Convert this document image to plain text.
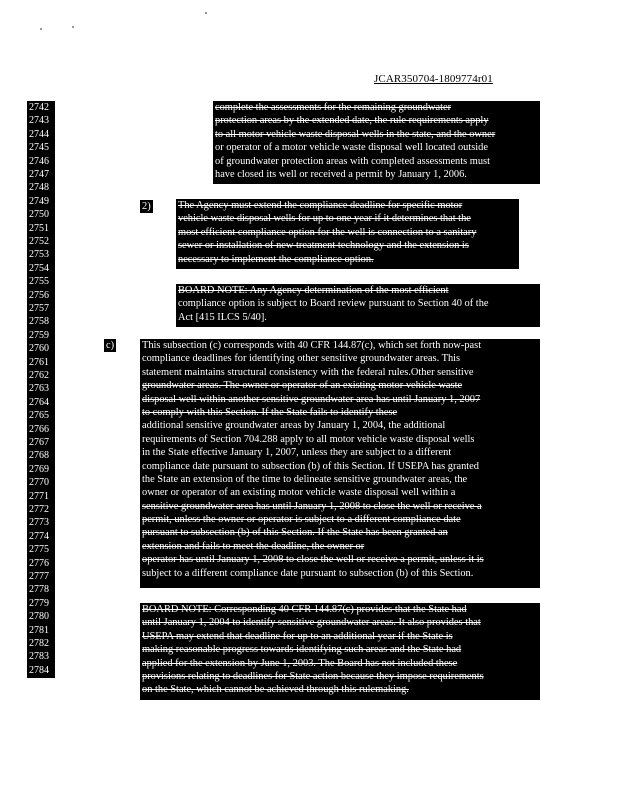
JCAR350704-1809774r01
2742
2743
2744
2745
2746
2747
2748
2749
2750
2751
2752
2753
2754
2755
2756
2757
2758
2759
2760
2761
2762
2763
2764
2765
2766
2767
2768
2769
2770
2771
2772
2773
2774
2775
2776
2777
2778
2779
2780
2781
2782
2783
2784
2)
c)
complete the assessments for the remaining groundwater
protection areas by the extended date, the rule requirements apply
to all motor vehicle waste disposal wells in the state, and the owner
or operator of a motor vehicle waste disposal well located outside
of groundwater protection areas with completed assessments must
have closed its well or received a permit by January 1, 2006.
The Agency must extend the compliance deadline for specific motor
vehicle waste disposal wells for up to one year if it determines that the
most efficient compliance option for the well is connection to a sanitary
sewer or installation of new treatment technology and the extension is
necessary to implement the compliance option.
BOARD NOTE: Any Agency determination of the most efficient
compliance option is subject to Board review pursuant to Section 40 of the
Act [415 ILCS 5/40].
This subsection (c) corresponds with 40 CFR 144.87(c), which set forth now-past
compliance deadlines for identifying other sensitive groundwater areas. This
statement maintains structural consistency with the federal rules.Other sensitive
groundwater areas. The owner or operator of an existing motor vehicle waste
disposal well within another sensitive groundwater area has until January 1, 2007
to comply with this Section. If the State fails to identify these
additional sensitive groundwater areas by January 1, 2004, the additional
requirements of Section 704.288 apply to all motor vehicle waste disposal wells
in the State effective January 1, 2007, unless they are subject to a different
compliance date pursuant to subsection (b) of this Section. If USEPA has granted
the State an extension of the time to delineate sensitive groundwater areas, the
owner or operator of an existing motor vehicle waste disposal well within a
sensitive groundwater area has until January 1, 2008 to close the well or receive a
permit, unless the owner or operator is subject to a different compliance date
pursuant to subsection (b) of this Section. If the State has been granted an
extension and fails to meet the deadline, the owner or
operator has until January 1, 2008 to close the well or receive a permit, unless it is
subject to a different compliance date pursuant to subsection (b) of this Section.
BOARD NOTE: Corresponding 40 CFR 144.87(c) provides that the State had
until January 1, 2004 to identify sensitive groundwater areas. It also provides that
USEPA may extend that deadline for up to an additional year if the State is
making reasonable progress towards identifying such areas and the State had
applied for the extension by June 1, 2003. The Board has not included these
provisions relating to deadlines for State action because they impose requirements
on the State, which cannot be achieved through this rulemaking.
